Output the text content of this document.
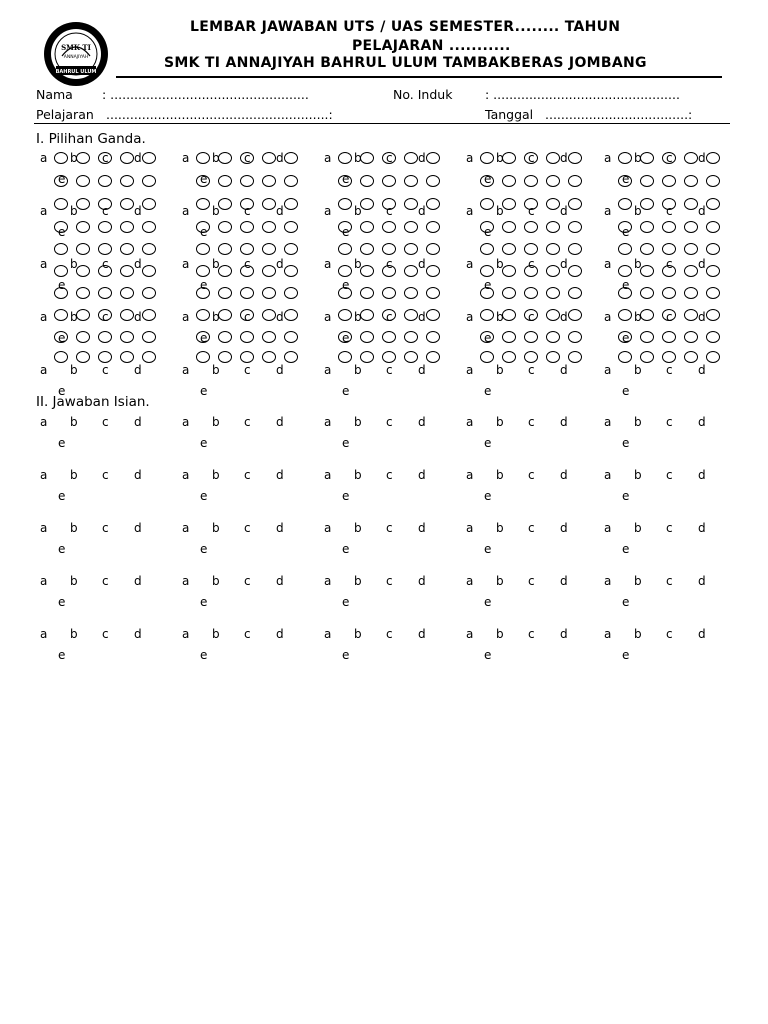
SMK TI
ANNAJIYAH
BAHRUL ULUM
LEMBAR JAWABAN UTS / UAS SEMESTER........ TAHUN
PELAJARAN ...........
SMK TI ANNAJIYAH BAHRUL ULUM TAMBAKBERAS JOMBANG
Nama : ..................................................	No. Induk	: ...............................................
Pelajaran ........................................................:	Tanggal ....................................:
I. Pilihan Ganda.
II. Jawaban Isian.
a b c d
e
a b c d
e
a b c d
e
a b c d
e
a b c d
e
a b c d
e
a b c d
e
a b c d
e
a b c d
e
a b c d
e
a b c d
e
a b c d
e
a b c d
e
a b c d
e
a b c d
e
a b c d
e
a b c d
e
a b c d
e
a b c d
e
a b c d
e
a b c d
e
a b c d
e
a b c d
e
a b c d
e
a b c d
e
a b c d
e
a b c d
e
a b c d
e
a b c d
e
a b c d
e
a b c d
e
a b c d
e
a b c d
e
a b c d
e
a b c d
e
a b c d
e
a b c d
e
a b c d
e
a b c d
e
a b c d
e
a b c d
e
a b c d
e
a b c d
e
a b c d
e
a b c d
e
a b c d
e
a b c d
e
a b c d
e
a b c d
e
a b c d
e
